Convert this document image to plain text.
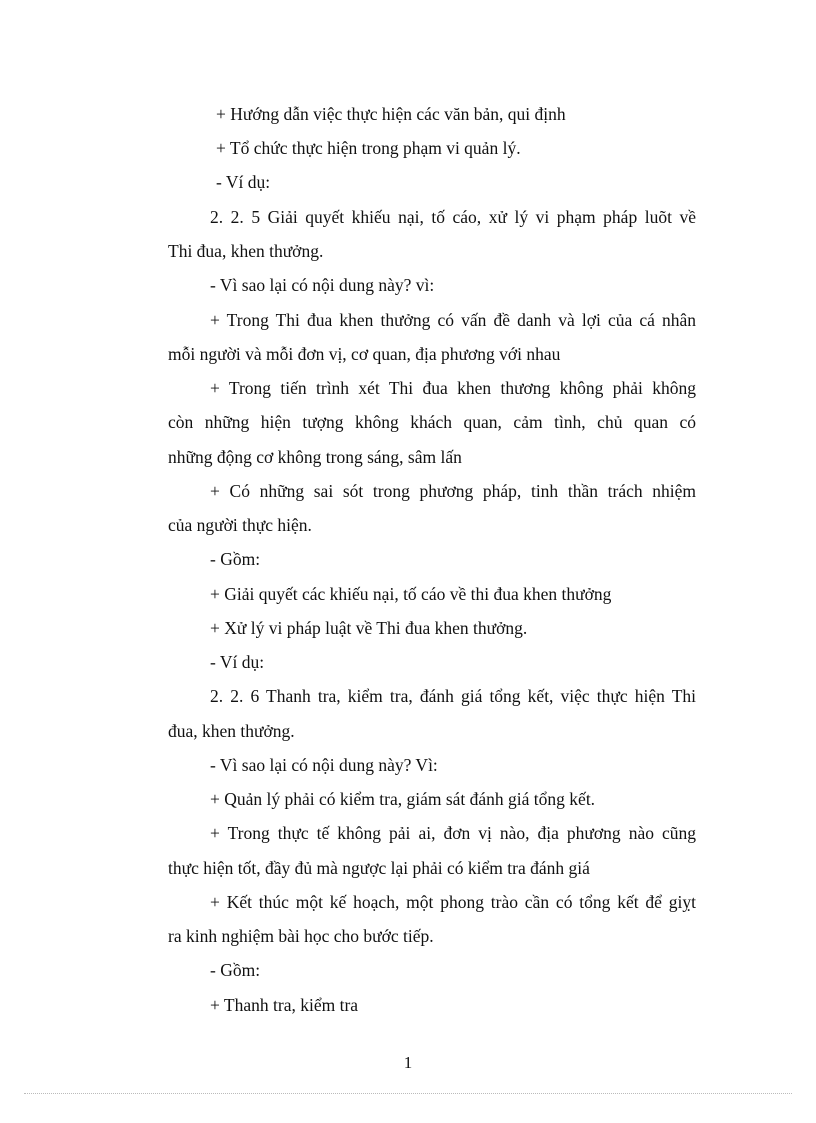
+ Hướng dẫn việc thực hiện các văn bản, qui định
+ Tổ chức thực hiện trong phạm vi quản lý.
- Ví dụ:
2. 2. 5 Giải quyết khiếu nại, tố cáo, xử lý vi phạm pháp luõt về
Thi đua, khen thưởng.
- Vì sao lại có nội dung này? vì:
+ Trong Thi đua khen thưởng có vấn đề danh và lợi của cá nhân
mỗi người và mỗi đơn vị, cơ quan, địa phương với nhau
+ Trong tiến trình xét Thi đua khen thương không phải không
còn những hiện tượng không khách quan, cảm tình, chủ quan có
những động cơ không trong sáng, sâm lấn
+ Có những sai sót trong phương pháp, tinh thần trách nhiệm
của người thực hiện.
- Gồm:
+ Giải quyết các khiếu nại, tố cáo về thi đua khen thưởng
+ Xử lý vi pháp luật về Thi đua khen thưởng.
- Ví dụ:
2. 2. 6 Thanh tra, kiểm tra, đánh giá tổng kết, việc thực hiện Thi
đua, khen thưởng.
- Vì sao lại có nội dung này? Vì:
+ Quản lý phải có kiểm tra, giám sát đánh giá tổng kết.
+ Trong thực tế không pải ai, đơn vị nào, địa phương nào cũng
thực hiện tốt, đầy đủ mà ngược lại phải có kiểm tra đánh giá
+ Kết thúc một kế hoạch, một phong trào cần có tổng kết để giỵt
ra kinh nghiệm bài học cho bước tiếp.
- Gồm:
+ Thanh tra, kiểm tra
1
